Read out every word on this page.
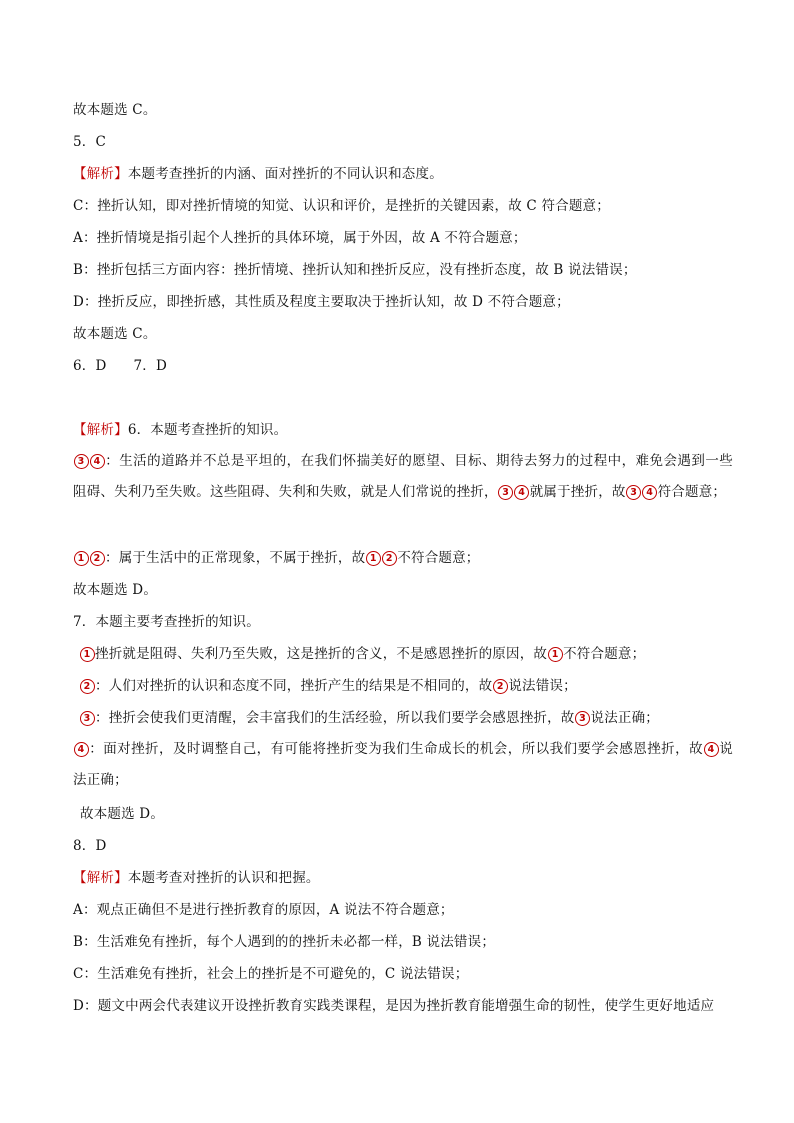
故本题选 C。
5．C
【解析】本题考查挫折的内涵、面对挫折的不同认识和态度。
C：挫折认知，即对挫折情境的知觉、认识和评价，是挫折的关键因素，故 C 符合题意；
A：挫折情境是指引起个人挫折的具体环境，属于外因，故 A 不符合题意；
B：挫折包括三方面内容：挫折情境、挫折认知和挫折反应，没有挫折态度，故 B 说法错误；
D：挫折反应，即挫折感，其性质及程度主要取决于挫折认知，故 D 不符合题意；
故本题选 C。
6．D      7．D
【解析】6．本题考查挫折的知识。
3 4 ：生活的道路并不总是平坦的，在我们怀揣美好的愿望、目标、期待去努力的过程中，难免会遇到一些阻碍、失利乃至失败。这些阻碍、失利和失败，就是人们常说的挫折， 3 4 就属于挫折，故 3 4 符合题意；
1 2 ：属于生活中的正常现象，不属于挫折，故 1 2 不符合题意；
故本题选 D。
7．本题主要考查挫折的知识。
1 挫折就是阻碍、失利乃至失败，这是挫折的含义，不是感恩挫折的原因，故 1 不符合题意；
2 ：人们对挫折的认识和态度不同，挫折产生的结果是不相同的，故 2 说法错误；
3 ：挫折会使我们更清醒，会丰富我们的生活经验，所以我们要学会感恩挫折，故 3 说法正确；
4 ：面对挫折，及时调整自己，有可能将挫折变为我们生命成长的机会，所以我们要学会感恩挫折，故 4 说法正确；
故本题选 D。
8．D
【解析】本题考查对挫折的认识和把握。
A：观点正确但不是进行挫折教育的原因，A 说法不符合题意；
B：生活难免有挫折，每个人遇到的的挫折未必都一样，B 说法错误；
C：生活难免有挫折，社会上的挫折是不可避免的，C 说法错误；
D：题文中两会代表建议开设挫折教育实践类课程，是因为挫折教育能增强生命的韧性，使学生更好地适应
